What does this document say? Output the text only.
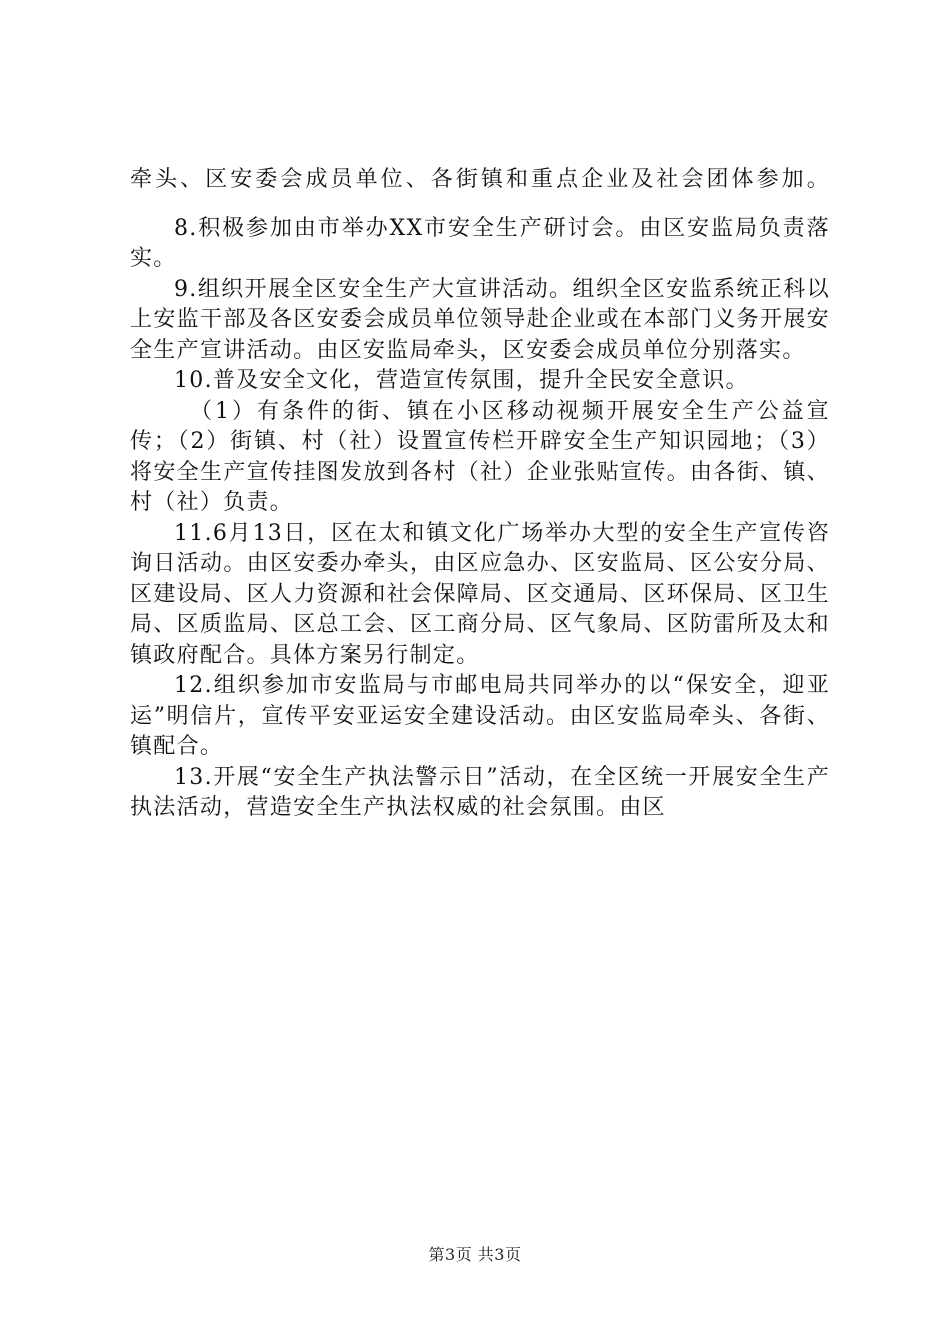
牵头、区安委会成员单位、各街镇和重点企业及社会团体参加。

8.积极参加由市举办XX市安全生产研讨会。由区安监局负责落实。

9.组织开展全区安全生产大宣讲活动。组织全区安监系统正科以上安监干部及各区安委会成员单位领导赴企业或在本部门义务开展安全生产宣讲活动。由区安监局牵头，区安委会成员单位分别落实。

10.普及安全文化，营造宣传氛围，提升全民安全意识。

（1）有条件的街、镇在小区移动视频开展安全生产公益宣传；（2）街镇、村（社）设置宣传栏开辟安全生产知识园地；（3）将安全生产宣传挂图发放到各村（社）企业张贴宣传。由各街、镇、村（社）负责。

11.6月13日，区在太和镇文化广场举办大型的安全生产宣传咨询日活动。由区安委办牵头，由区应急办、区安监局、区公安分局、区建设局、区人力资源和社会保障局、区交通局、区环保局、区卫生局、区质监局、区总工会、区工商分局、区气象局、区防雷所及太和镇政府配合。具体方案另行制定。

12.组织参加市安监局与市邮电局共同举办的以“保安全，迎亚运”明信片，宣传平安亚运安全建设活动。由区安监局牵头、各街、镇配合。

13.开展“安全生产执法警示日”活动，在全区统一开展安全生产执法活动，营造安全生产执法权威的社会氛围。由区

第3页 共3页
